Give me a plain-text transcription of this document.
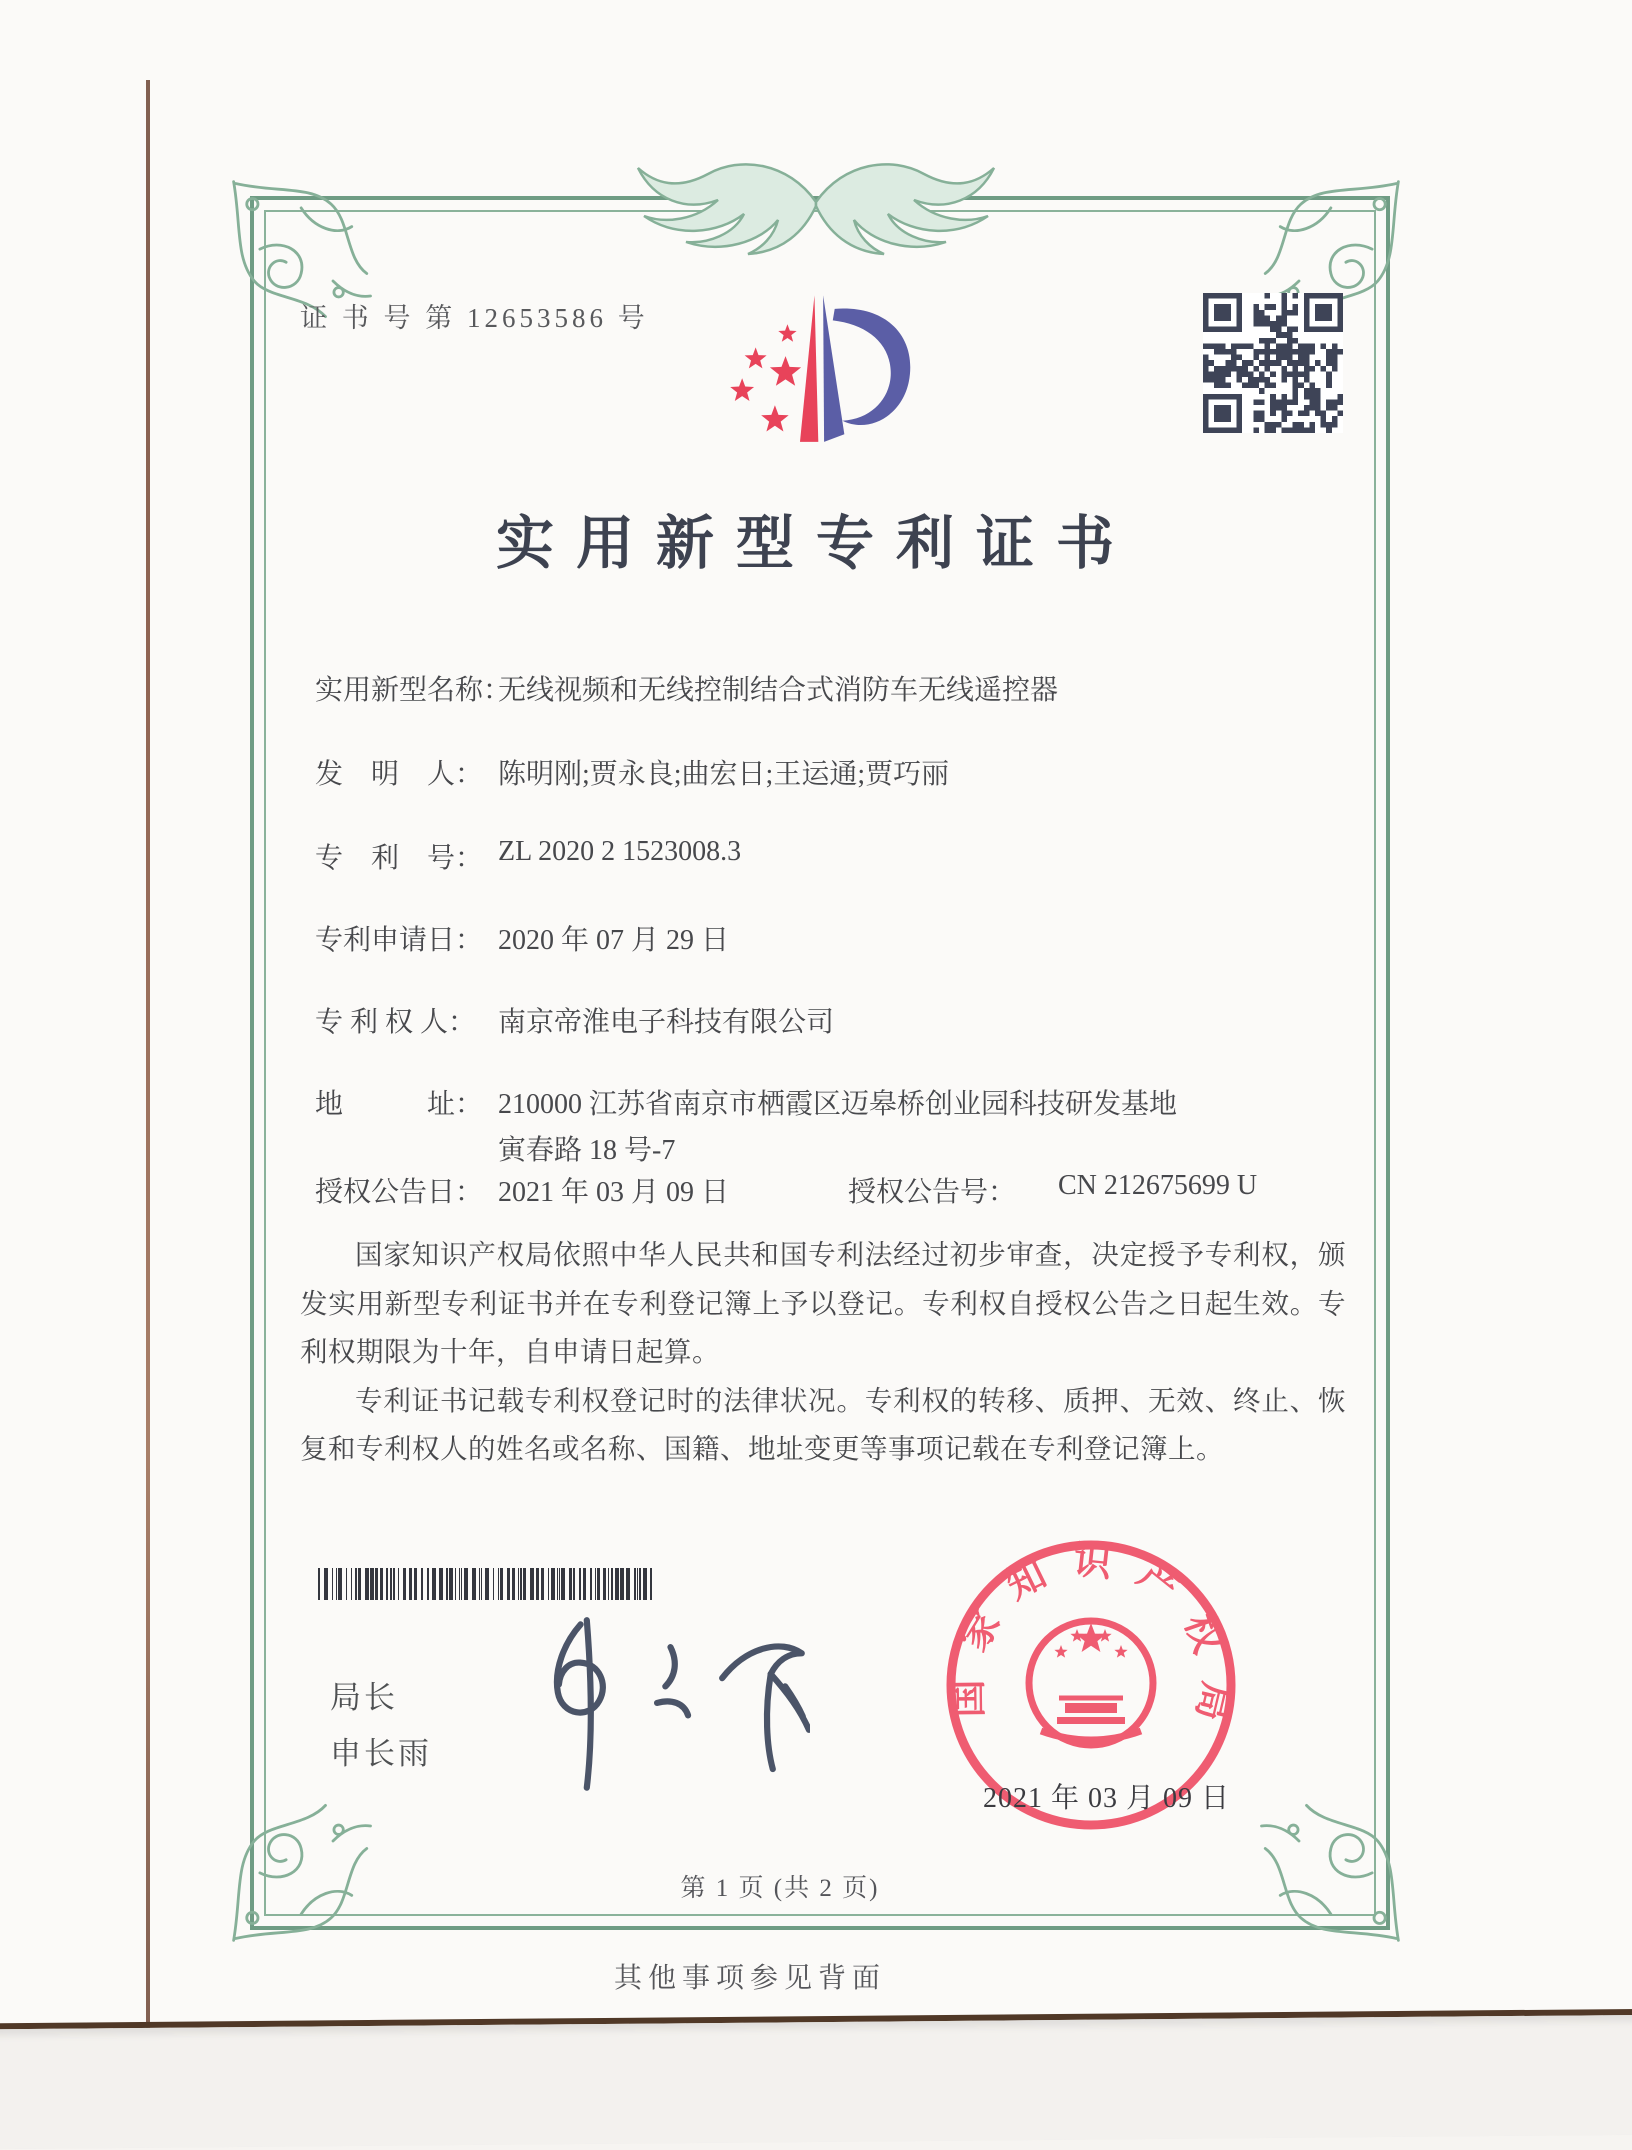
证 书 号 第 12653586 号
实用新型专利证书
实用新型名称：
无线视频和无线控制结合式消防车无线遥控器
发　明　人： 陈明刚;贾永良;曲宏日;王运通;贾巧丽
专　利　号： ZL 2020 2 1523008.3
专利申请日： 2020 年 07 月 29 日
专 利 权 人： 南京帝淮电子科技有限公司
地　　　址： 210000 江苏省南京市栖霞区迈皋桥创业园科技研发基地
寅春路 18 号-7
授权公告日： 2021 年 03 月 09 日	授权公告号： CN 212675699 U

国家知识产权局依照中华人民共和国专利法经过初步审查，决定授予专利权，颁发实用新型专利证书并在专利登记簿上予以登记。专利权自授权公告之日起生效。专利权期限为十年，自申请日起算。

专利证书记载专利权登记时的法律状况。专利权的转移、质押、无效、终止、恢复和专利权人的姓名或名称、国籍、地址变更等事项记载在专利登记簿上。

局长
申长雨
国家知识产权局
2021 年 03 月 09 日
第 1 页 (共 2 页)
其他事项参见背面
